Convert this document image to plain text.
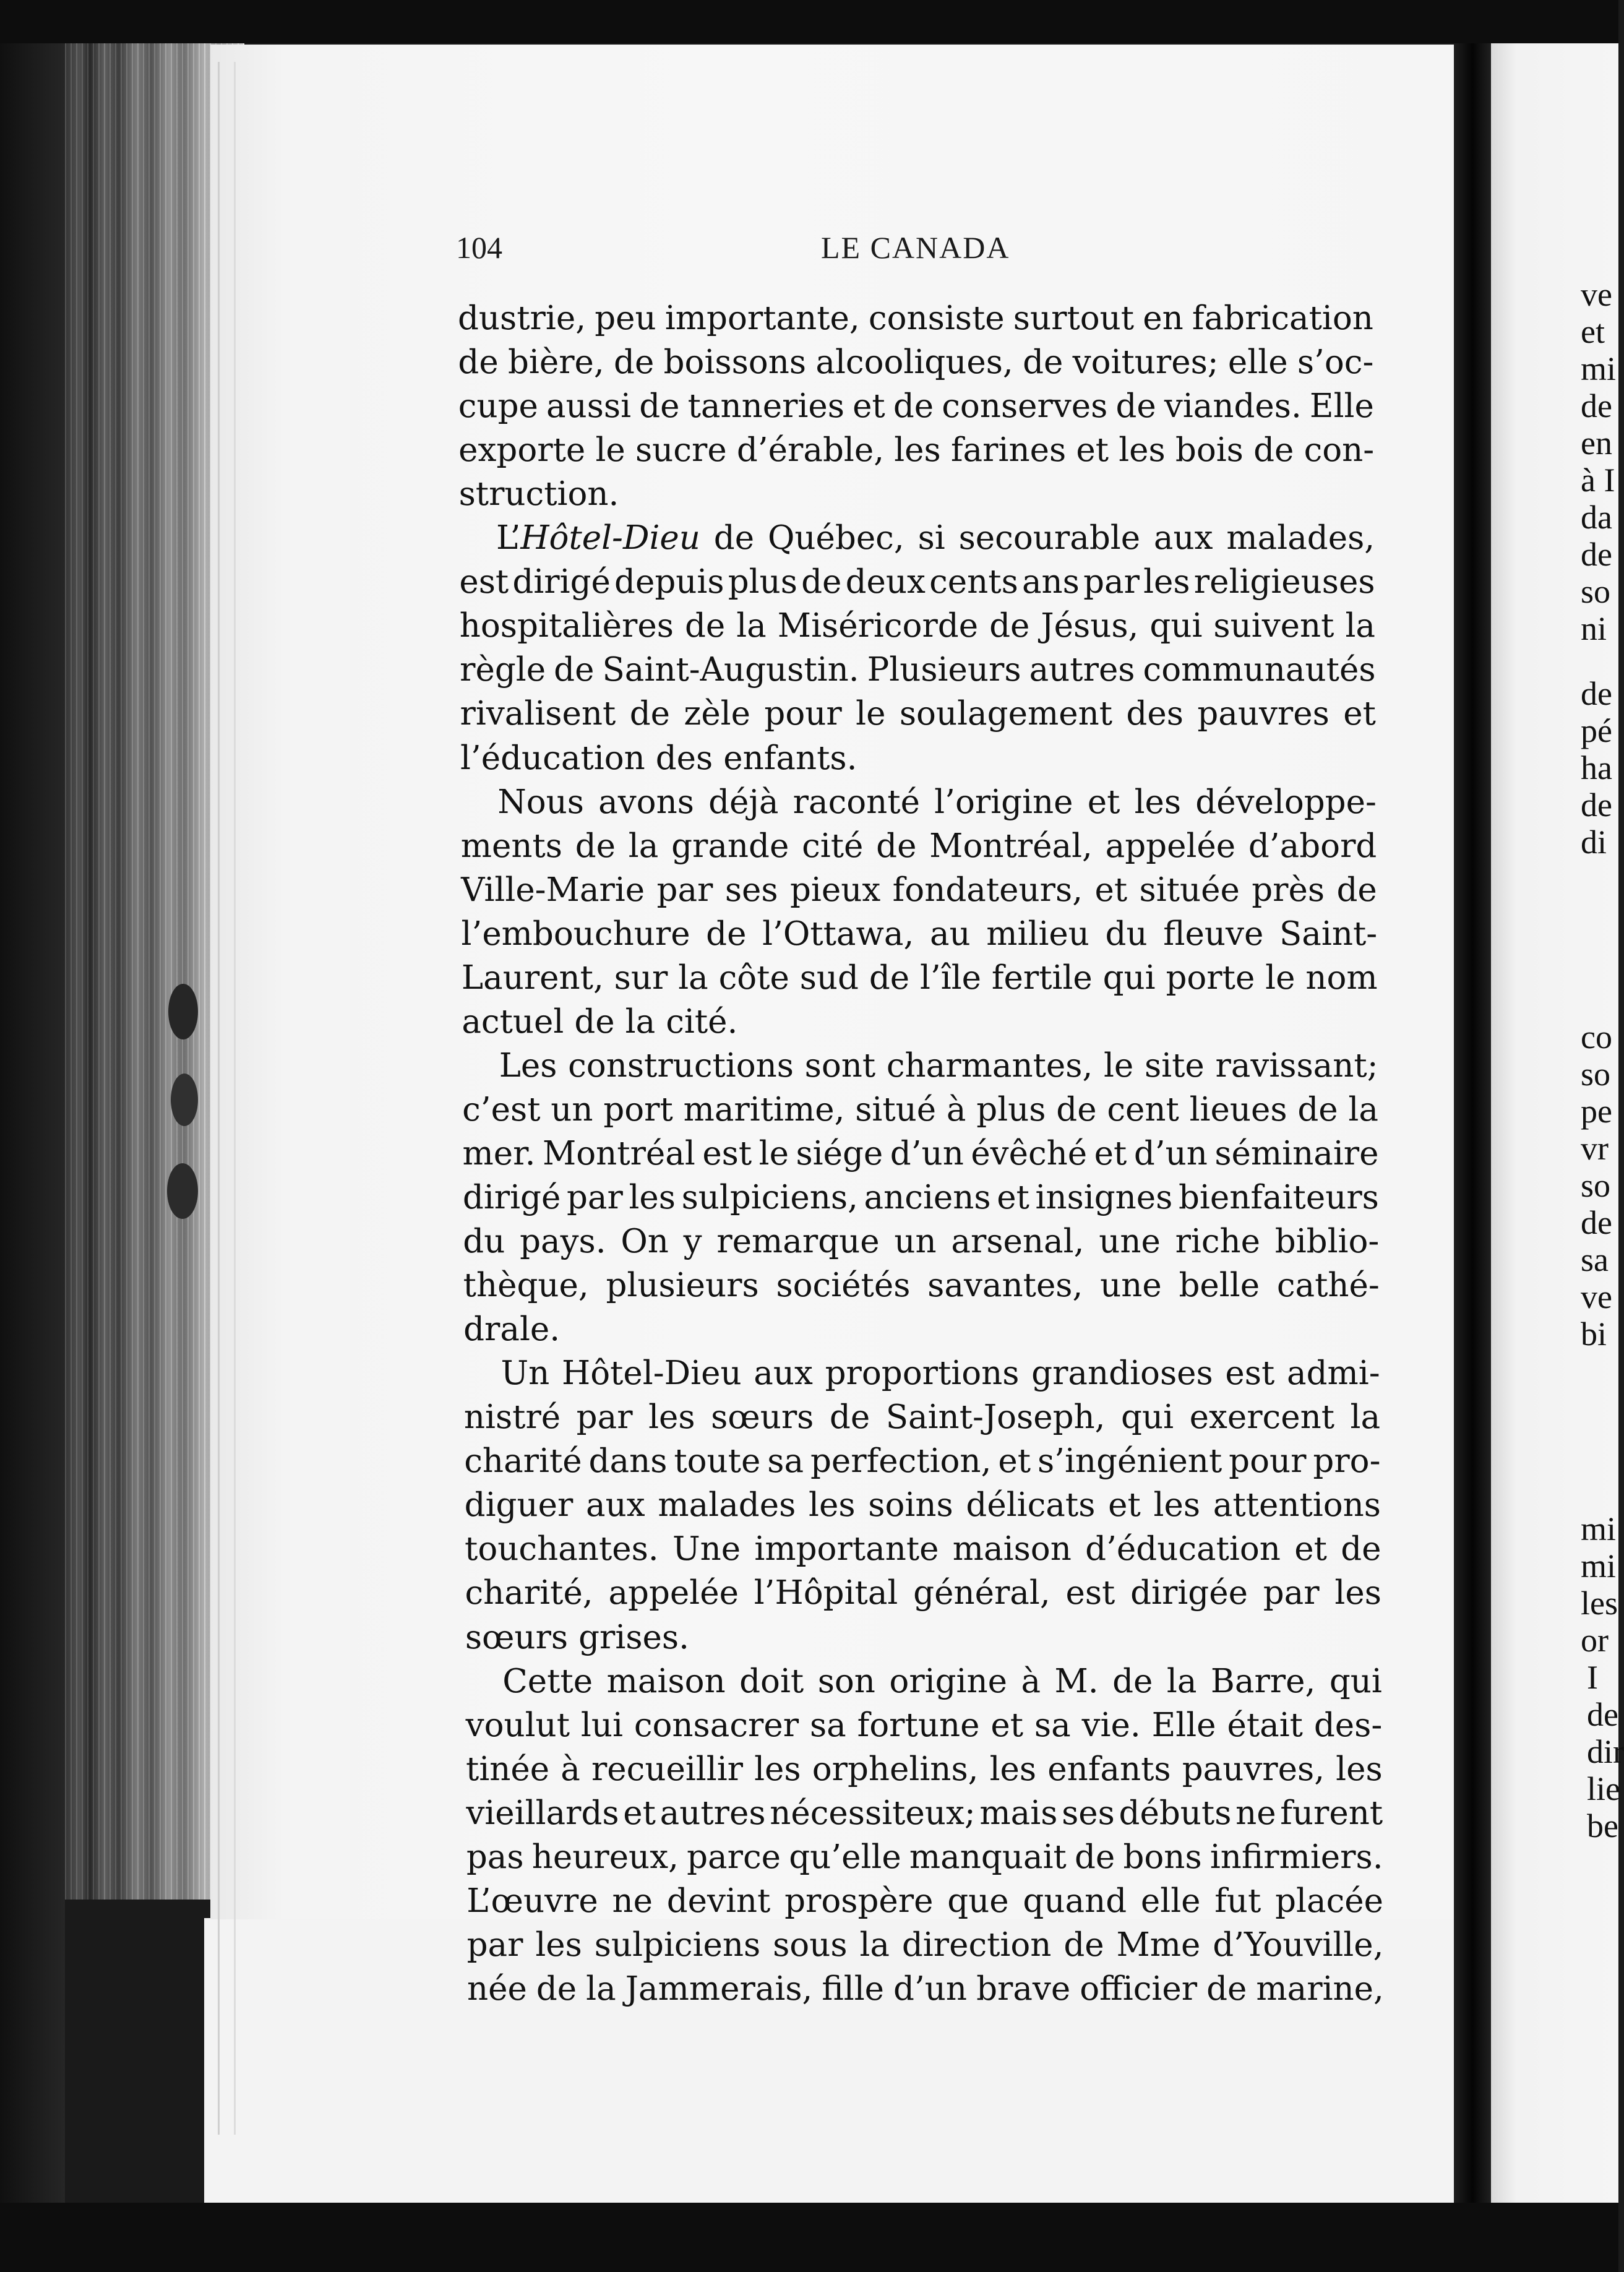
ve
et
mi
de
en
à I
da
de
so
ni
de
pé
ha
de
di
co
so
pe
vr
so
de
sa
ve
bi
mi
mi
les
or
I
de
dir
lie
be
104	LE CANADA
dustrie, peu importante, consiste surtout en fabrication
de bière, de boissons alcooliques, de voitures; elle s’oc-
cupe aussi de tanneries et de conserves de viandes. Elle
exporte le sucre d’érable, les farines et les bois de con-
struction.
L’Hôtel-Dieu de Québec, si secourable aux malades,
est dirigé depuis plus de deux cents ans par les religieuses
hospitalières de la Miséricorde de Jésus, qui suivent la
règle de Saint-Augustin. Plusieurs autres communautés
rivalisent de zèle pour le soulagement des pauvres et
l’éducation des enfants.
Nous avons déjà raconté l’origine et les développe-
ments de la grande cité de Montréal, appelée d’abord
Ville-Marie par ses pieux fondateurs, et située près de
l’embouchure de l’Ottawa, au milieu du fleuve Saint-
Laurent, sur la côte sud de l’île fertile qui porte le nom
actuel de la cité.
Les constructions sont charmantes, le site ravissant;
c’est un port maritime, situé à plus de cent lieues de la
mer. Montréal est le siége d’un évêché et d’un séminaire
dirigé par les sulpiciens, anciens et insignes bienfaiteurs
du pays. On y remarque un arsenal, une riche biblio-
thèque, plusieurs sociétés savantes, une belle cathé-
drale.
Un Hôtel-Dieu aux proportions grandioses est admi-
nistré par les sœurs de Saint-Joseph, qui exercent la
charité dans toute sa perfection, et s’ingénient pour pro-
diguer aux malades les soins délicats et les attentions
touchantes. Une importante maison d’éducation et de
charité, appelée l’Hôpital général, est dirigée par les
sœurs grises.
Cette maison doit son origine à M. de la Barre, qui
voulut lui consacrer sa fortune et sa vie. Elle était des-
tinée à recueillir les orphelins, les enfants pauvres, les
vieillards et autres nécessiteux; mais ses débuts ne furent
pas heureux, parce qu’elle manquait de bons infirmiers.
L’œuvre ne devint prospère que quand elle fut placée
par les sulpiciens sous la direction de Mme d’Youville,
née de la Jammerais, fille d’un brave officier de marine,
